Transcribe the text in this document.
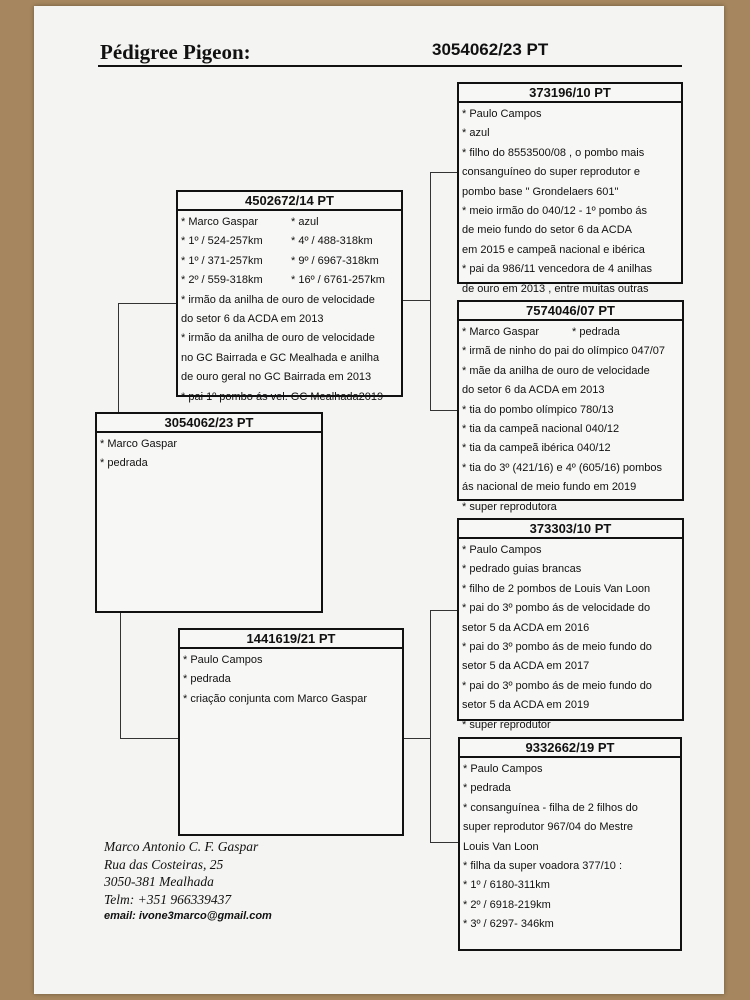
Pédigree Pigeon:	3054062/23 PT
3054062/23 PT
* Marco Gaspar
* pedrada
4502672/14 PT
* Marco Gaspar	* azul
* 1º / 524-257km	* 4º / 488-318km
* 1º / 371-257km	* 9º / 6967-318km
* 2º / 559-318km	* 16º / 6761-257km
* irmão da anilha de ouro de velocidade
do setor 6 da ACDA em 2013
* irmão da anilha de ouro de velocidade
no GC Bairrada e GC Mealhada e anilha
de ouro geral no GC Bairrada em 2013
* pai 1º pombo ás vel. GC Mealhada2019
1441619/21 PT
* Paulo Campos
* pedrada
* criação conjunta com Marco Gaspar
373196/10 PT
* Paulo Campos
* azul
* filho do 8553500/08 , o pombo mais
consanguíneo do super reprodutor e
pombo base " Grondelaers 601"
* meio irmão do 040/12 - 1º pombo ás
de meio fundo do setor 6 da ACDA
em 2015 e campeã nacional e ibérica
* pai da 986/11 vencedora de 4 anilhas
de ouro em 2013 , entre muitas outras
7574046/07 PT
* Marco Gaspar	* pedrada
* irmã de ninho do pai do olímpico 047/07
* mãe da anilha de ouro de velocidade
do setor 6 da ACDA em 2013
* tia do pombo olímpico 780/13
* tia da campeã nacional 040/12
* tia da campeã ibérica 040/12
* tia do 3º (421/16) e 4º (605/16) pombos
ás nacional de meio fundo em 2019
* super reprodutora
373303/10 PT
* Paulo Campos
* pedrado guias brancas
* filho de 2 pombos de Louis Van Loon
* pai do 3º pombo ás de velocidade do
setor 5 da ACDA em 2016
* pai do 3º pombo ás de meio fundo do
setor 5 da ACDA em 2017
* pai do 3º pombo ás de meio fundo do
setor 5 da ACDA em 2019
* super reprodutor
9332662/19 PT
* Paulo Campos
* pedrada
* consanguínea - filha de 2 filhos do
super reprodutor 967/04 do Mestre
Louis Van Loon
* filha da super voadora 377/10 :
* 1º / 6180-311km
* 2º / 6918-219km
* 3º / 6297- 346km
Marco Antonio C. F. Gaspar
Rua das Costeiras, 25
3050-381 Mealhada
Telm: +351 966339437
email: ivone3marco@gmail.com
